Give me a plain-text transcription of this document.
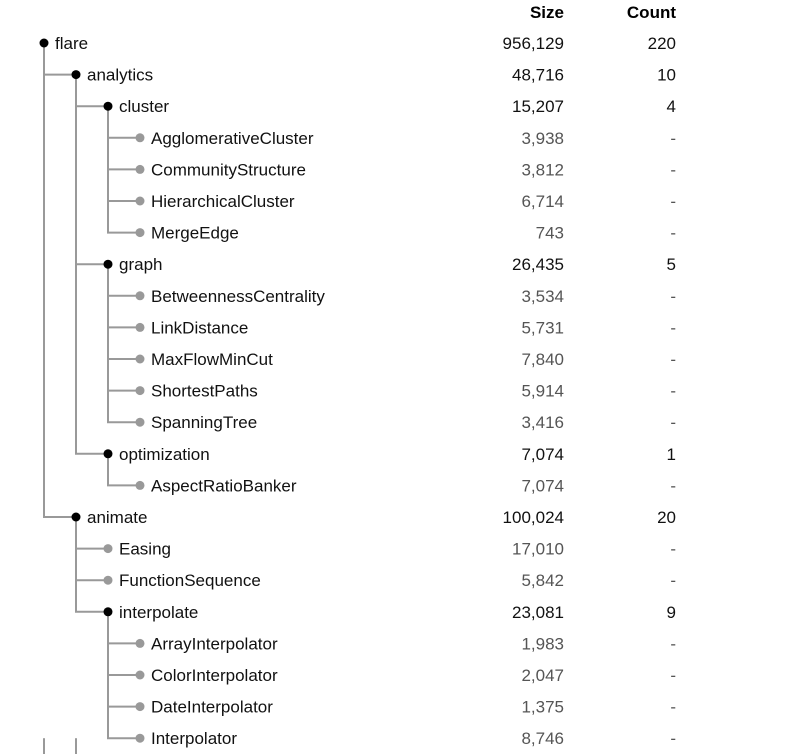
Size	Count
flare	956,129	220
analytics	48,716	10
cluster	15,207	4
AgglomerativeCluster	3,938	-
CommunityStructure	3,812	-
HierarchicalCluster	6,714	-
MergeEdge	743	-
graph	26,435	5
BetweennessCentrality	3,534	-
LinkDistance	5,731	-
MaxFlowMinCut	7,840	-
ShortestPaths	5,914	-
SpanningTree	3,416	-
optimization	7,074	1
AspectRatioBanker	7,074	-
animate	100,024	20
Easing	17,010	-
FunctionSequence	5,842	-
interpolate	23,081	9
ArrayInterpolator	1,983	-
ColorInterpolator	2,047	-
DateInterpolator	1,375	-
Interpolator	8,746	-
